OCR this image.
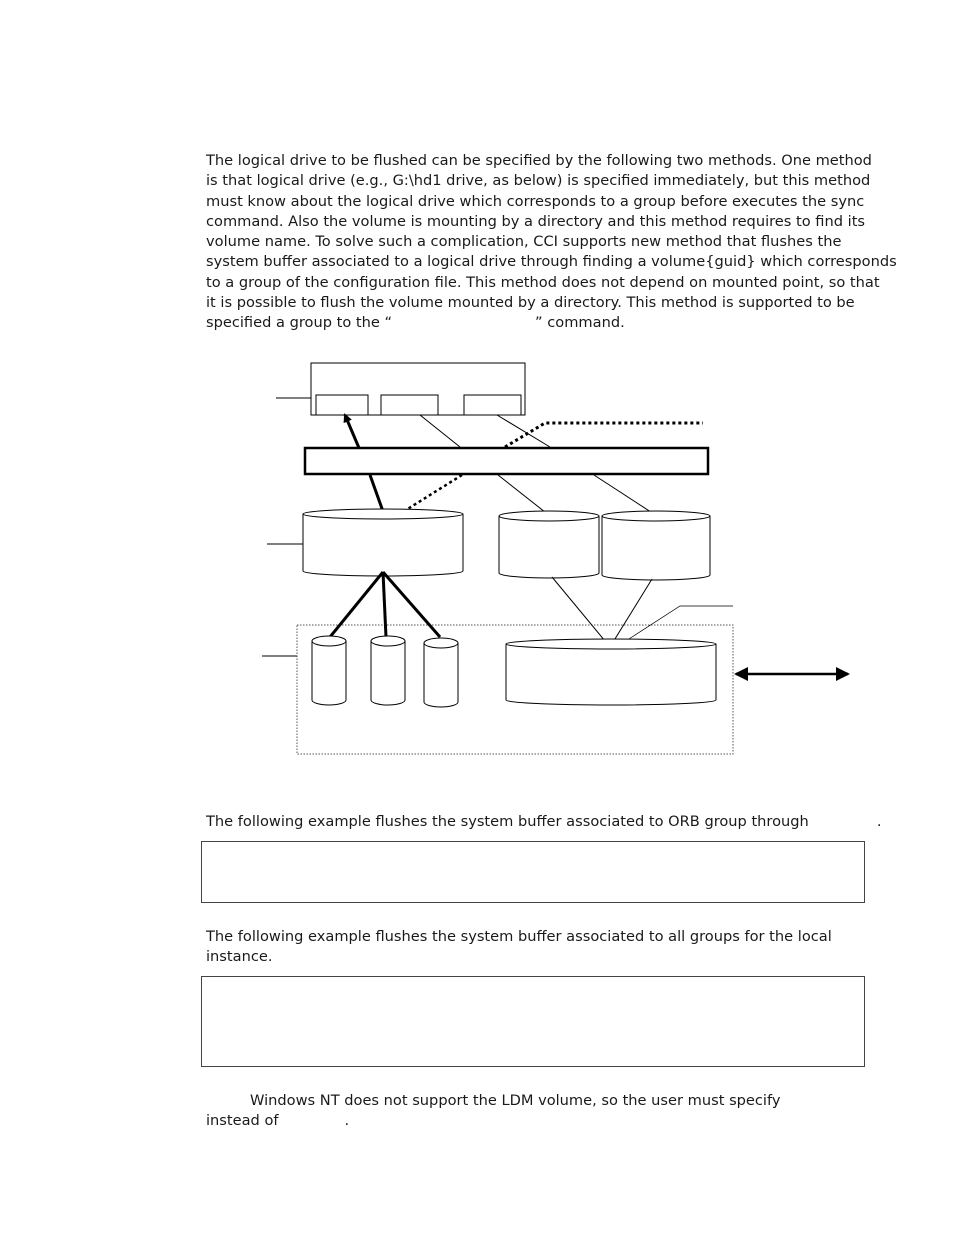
The logical drive to be flushed can be specified by the following two methods. One method
is that logical drive (e.g., G:\hd1 drive, as below) is specified immediately, but this method
must know about the logical drive which corresponds to a group before executes the sync
command. Also the volume is mounting by a directory and this method requires to find its
volume name. To solve such a complication, CCI supports new method that flushes the
system buffer associated to a logical drive through finding a volume{guid} which corresponds
to a group of the configuration file. This method does not depend on mounted point, so that
it is possible to flush the volume mounted by a directory. This method is supported to be
specified a group to the “	” command.
The following example flushes the system buffer associated to ORB group through	.
The following example flushes the system buffer associated to all groups for the local
instance.
Windows NT does not support the LDM volume, so the user must specify
instead of	.
